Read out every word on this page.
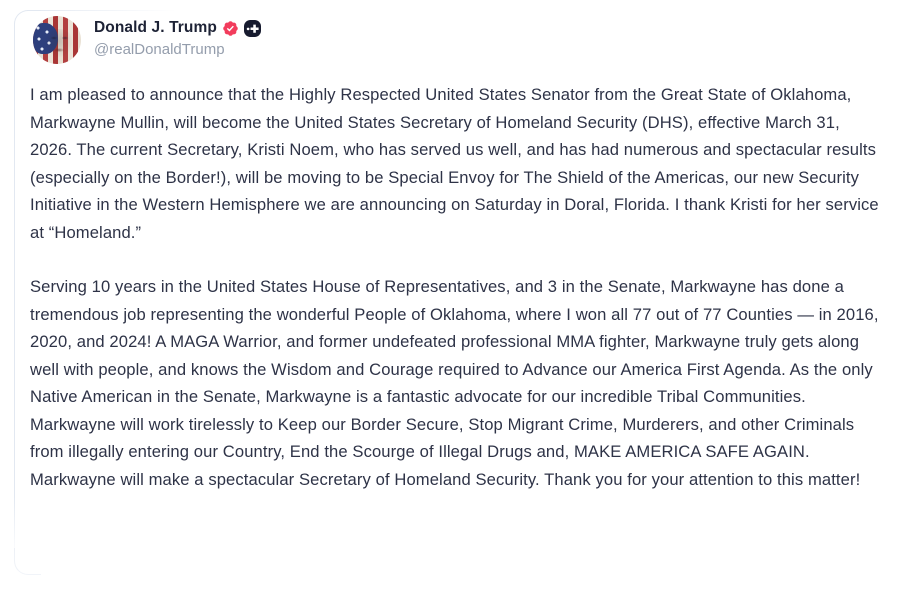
Donald J. Trump
@realDonaldTrump

I am pleased to announce that the Highly Respected United States Senator from the Great State of Oklahoma, Markwayne Mullin, will become the United States Secretary of Homeland Security (DHS), effective March 31, 2026. The current Secretary, Kristi Noem, who has served us well, and has had numerous and spectacular results (especially on the Border!), will be moving to be Special Envoy for The Shield of the Americas, our new Security Initiative in the Western Hemisphere we are announcing on Saturday in Doral, Florida. I thank Kristi for her service at “Homeland.”

Serving 10 years in the United States House of Representatives, and 3 in the Senate, Markwayne has done a tremendous job representing the wonderful People of Oklahoma, where I won all 77 out of 77 Counties — in 2016, 2020, and 2024! A MAGA Warrior, and former undefeated professional MMA fighter, Markwayne truly gets along well with people, and knows the Wisdom and Courage required to Advance our America First Agenda. As the only Native American in the Senate, Markwayne is a fantastic advocate for our incredible Tribal Communities. Markwayne will work tirelessly to Keep our Border Secure, Stop Migrant Crime, Murderers, and other Criminals from illegally entering our Country, End the Scourge of Illegal Drugs and, MAKE AMERICA SAFE AGAIN. Markwayne will make a spectacular Secretary of Homeland Security. Thank you for your attention to this matter!
